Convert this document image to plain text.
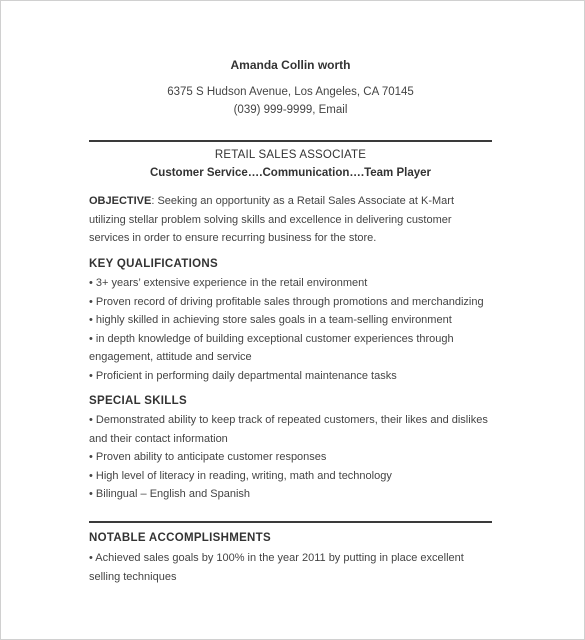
Amanda Collin worth
6375 S Hudson Avenue, Los Angeles, CA 70145
(039) 999-9999, Email
RETAIL SALES ASSOCIATE
Customer Service….Communication….Team Player
OBJECTIVE: Seeking an opportunity as a Retail Sales Associate at K-Mart utilizing stellar problem solving skills and excellence in delivering customer services in order to ensure recurring business for the store.
KEY QUALIFICATIONS
• 3+ years’ extensive experience in the retail environment
• Proven record of driving profitable sales through promotions and merchandizing
• highly skilled in achieving store sales goals in a team-selling environment
• in depth knowledge of building exceptional customer experiences through engagement, attitude and service
• Proficient in performing daily departmental maintenance tasks
SPECIAL SKILLS
• Demonstrated ability to keep track of repeated customers, their likes and dislikes and their contact information
• Proven ability to anticipate customer responses
• High level of literacy in reading, writing, math and technology
• Bilingual – English and Spanish
NOTABLE ACCOMPLISHMENTS
• Achieved sales goals by 100% in the year 2011 by putting in place excellent selling techniques
